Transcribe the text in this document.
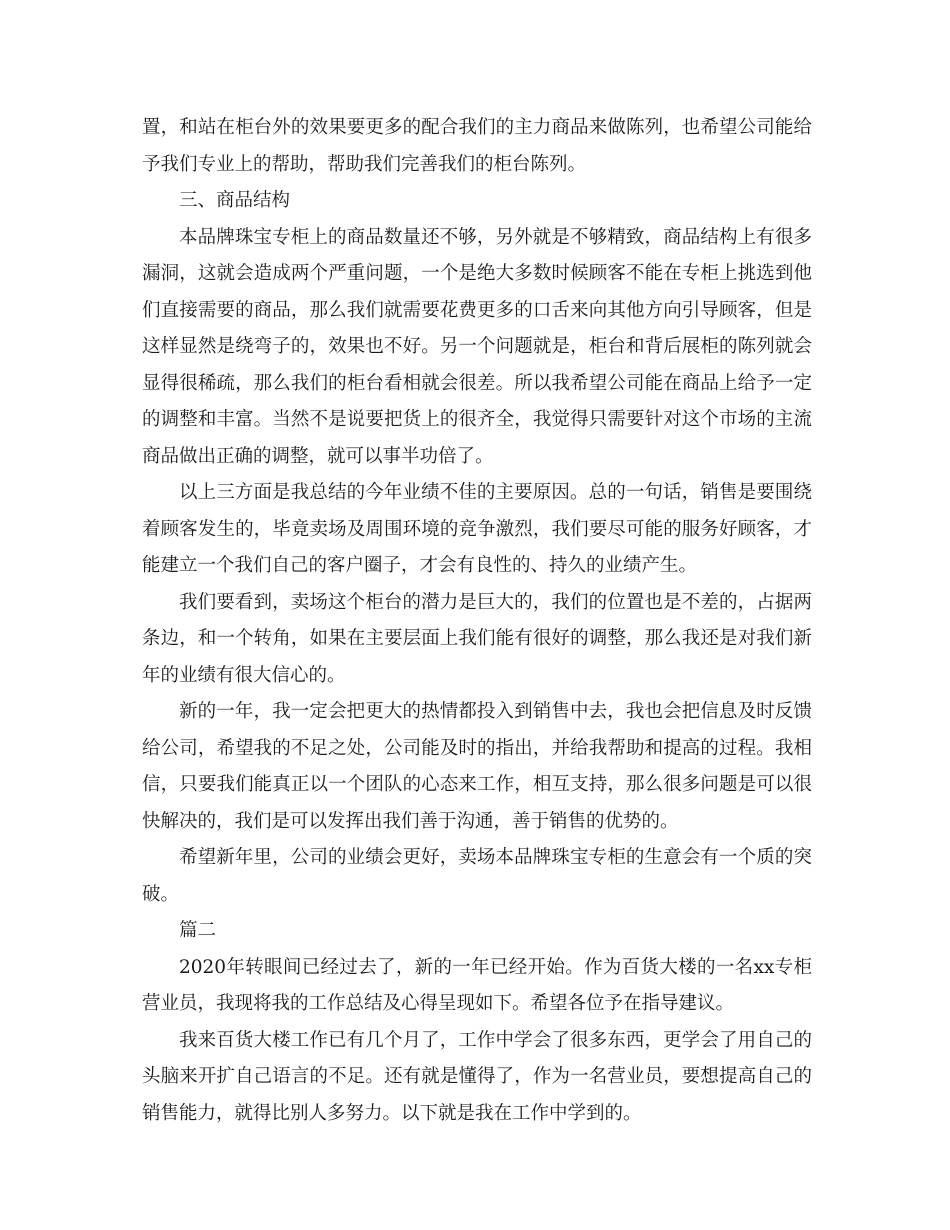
置，和站在柜台外的效果要更多的配合我们的主力商品来做陈列，也希望公司能给予我们专业上的帮助，帮助我们完善我们的柜台陈列。

三、商品结构

本品牌珠宝专柜上的商品数量还不够，另外就是不够精致，商品结构上有很多漏洞，这就会造成两个严重问题，一个是绝大多数时候顾客不能在专柜上挑选到他们直接需要的商品，那么我们就需要花费更多的口舌来向其他方向引导顾客，但是这样显然是绕弯子的，效果也不好。另一个问题就是，柜台和背后展柜的陈列就会显得很稀疏，那么我们的柜台看相就会很差。所以我希望公司能在商品上给予一定的调整和丰富。当然不是说要把货上的很齐全，我觉得只需要针对这个市场的主流商品做出正确的调整，就可以事半功倍了。

以上三方面是我总结的今年业绩不佳的主要原因。总的一句话，销售是要围绕着顾客发生的，毕竟卖场及周围环境的竞争激烈，我们要尽可能的服务好顾客，才能建立一个我们自己的客户圈子，才会有良性的、持久的业绩产生。

我们要看到，卖场这个柜台的潜力是巨大的，我们的位置也是不差的，占据两条边，和一个转角，如果在主要层面上我们能有很好的调整，那么我还是对我们新年的业绩有很大信心的。

新的一年，我一定会把更大的热情都投入到销售中去，我也会把信息及时反馈给公司，希望我的不足之处，公司能及时的指出，并给我帮助和提高的过程。我相信，只要我们能真正以一个团队的心态来工作，相互支持，那么很多问题是可以很快解决的，我们是可以发挥出我们善于沟通，善于销售的优势的。

希望新年里，公司的业绩会更好，卖场本品牌珠宝专柜的生意会有一个质的突破。

篇二

2020年转眼间已经过去了，新的一年已经开始。作为百货大楼的一名xx专柜营业员，我现将我的工作总结及心得呈现如下。希望各位予在指导建议。

我来百货大楼工作已有几个月了，工作中学会了很多东西，更学会了用自己的头脑来开扩自己语言的不足。还有就是懂得了，作为一名营业员，要想提高自己的销售能力，就得比别人多努力。以下就是我在工作中学到的。
